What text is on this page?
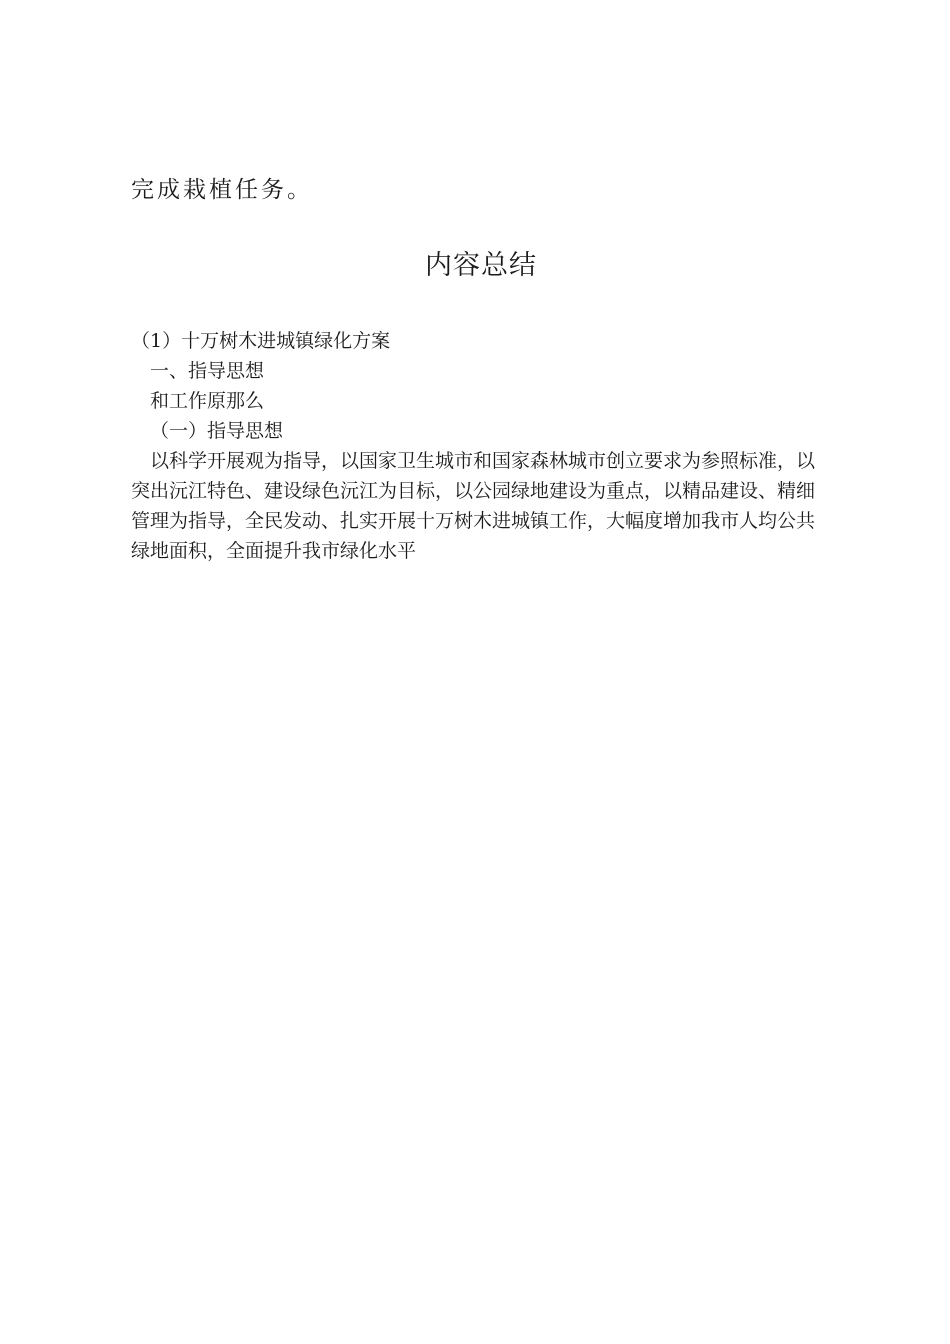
完成栽植任务。
内容总结
（1）十万树木进城镇绿化方案
一、指导思想
和工作原那么
（一）指导思想

以科学开展观为指导，以国家卫生城市和国家森林城市创立要求为参照标准，以突出沅江特色、建设绿色沅江为目标，以公园绿地建设为重点，以精品建设、精细管理为指导，全民发动、扎实开展十万树木进城镇工作，大幅度增加我市人均公共绿地面积，全面提升我市绿化水平
